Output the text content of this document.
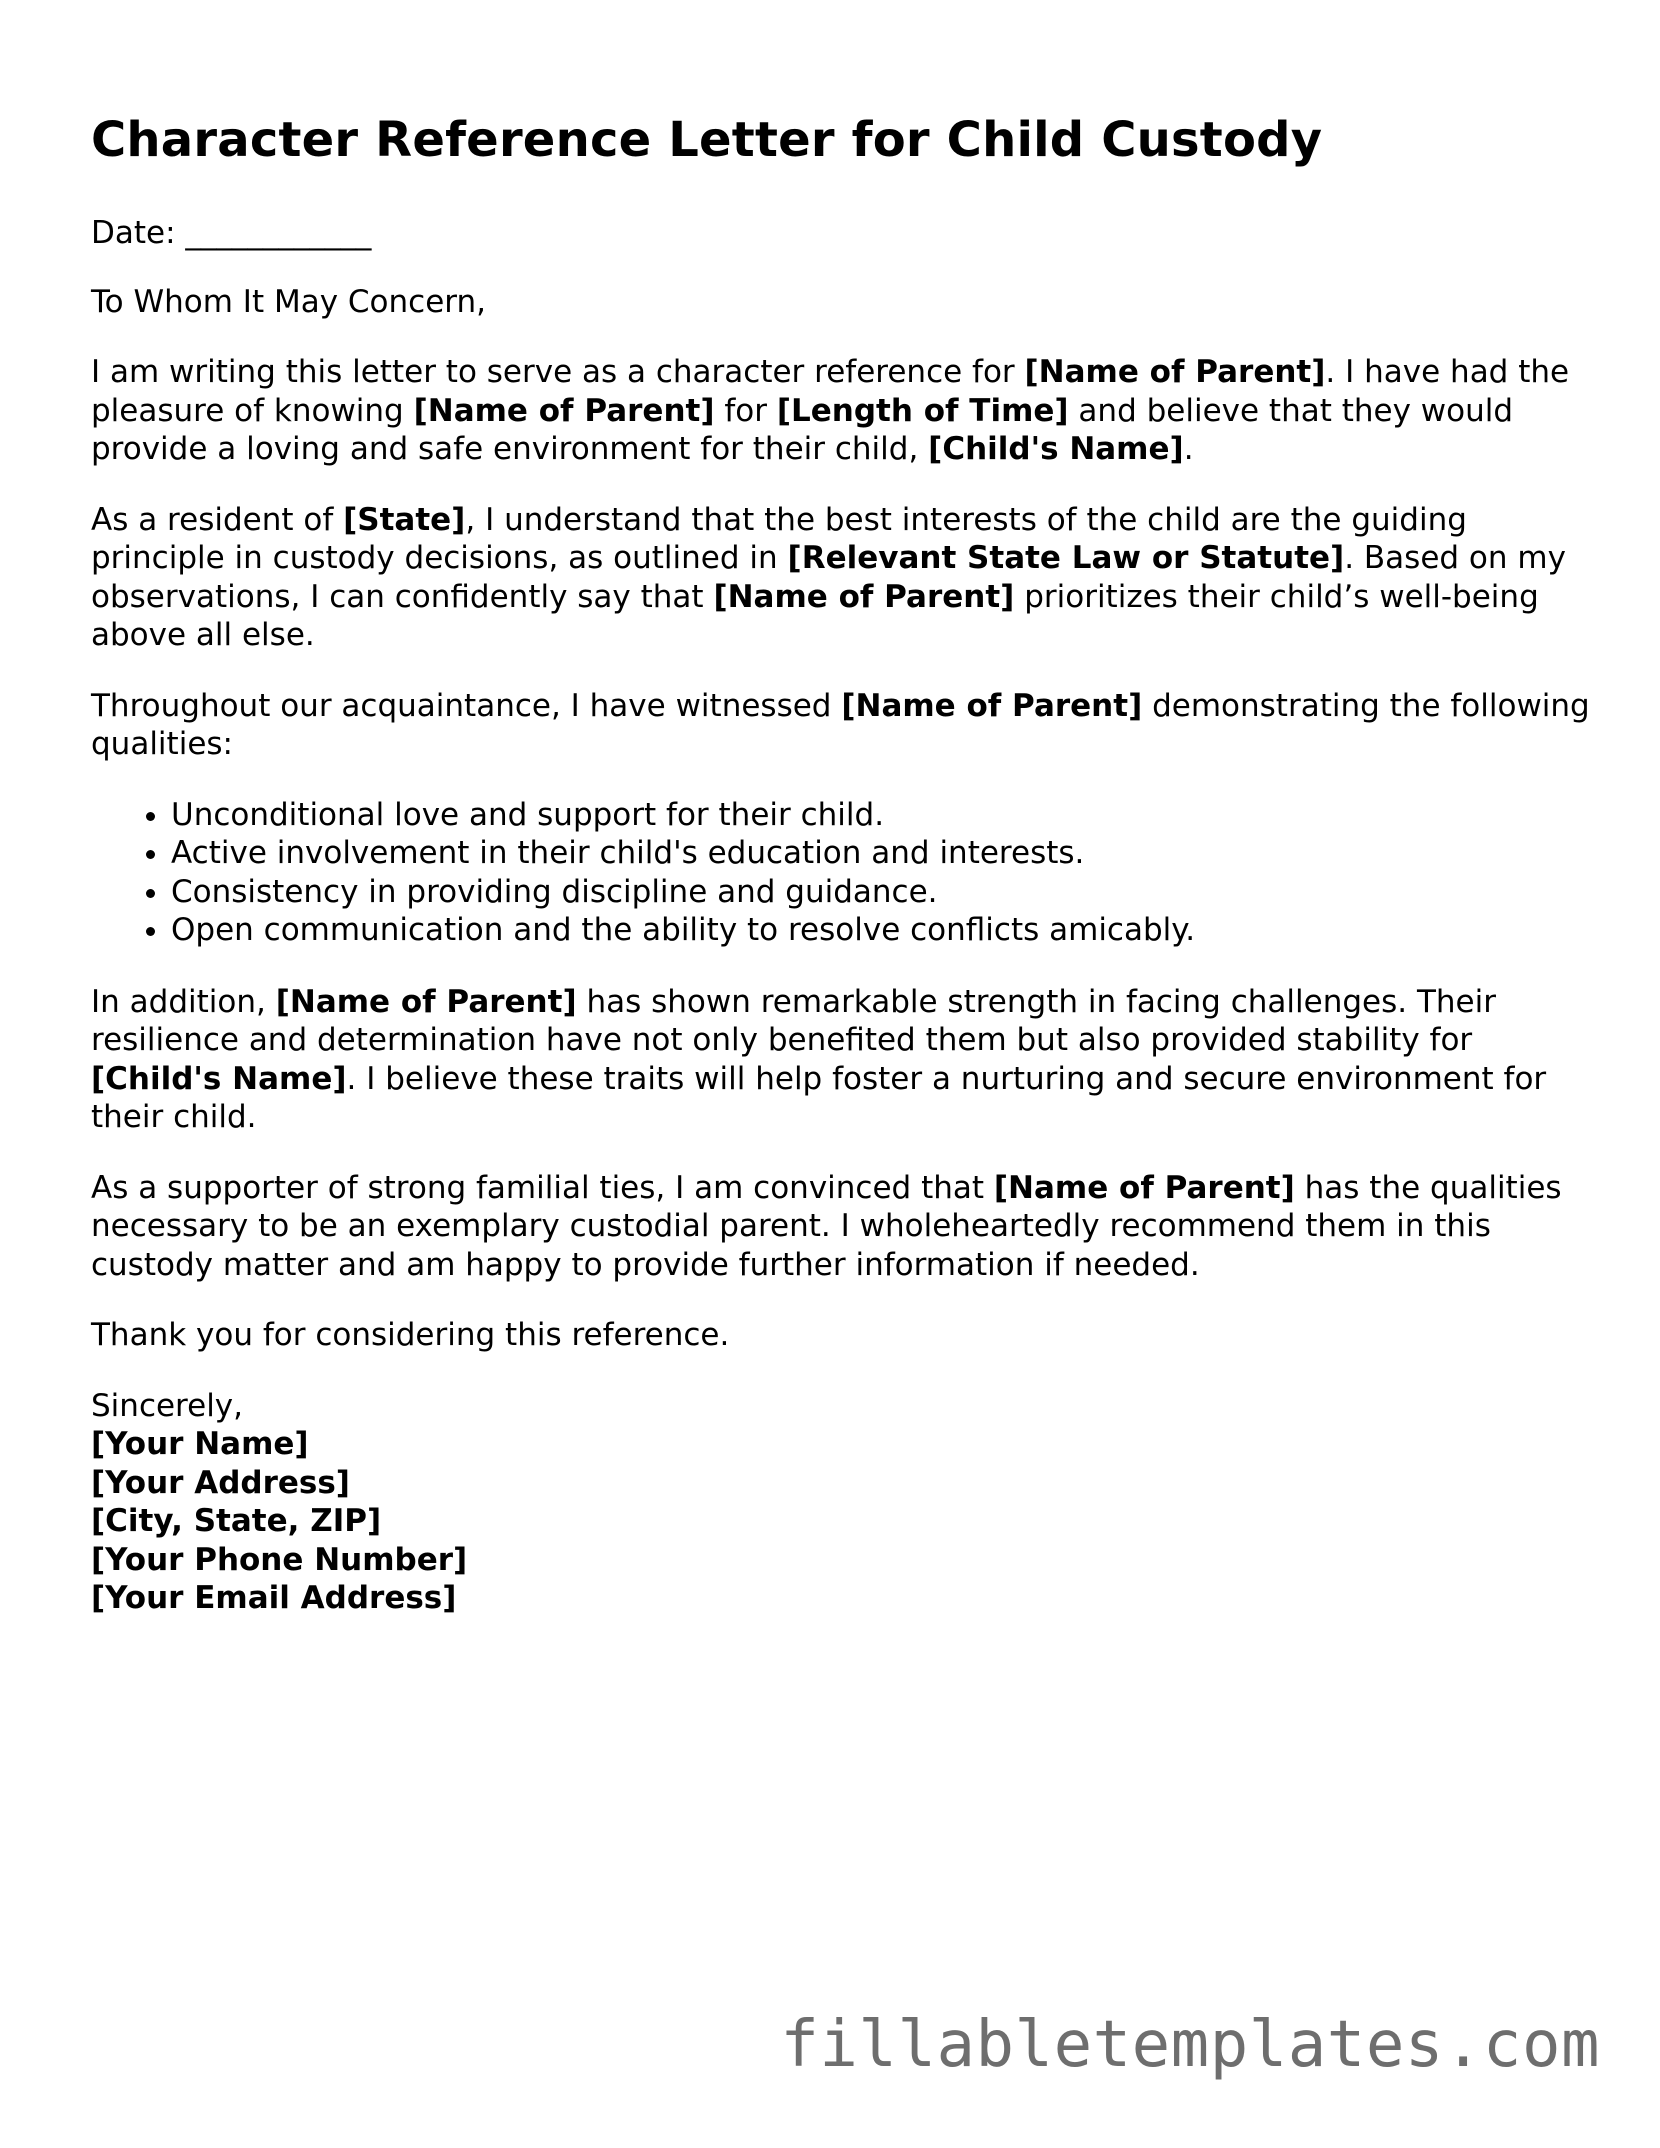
Character Reference Letter for Child Custody

Date: ____________

To Whom It May Concern,

I am writing this letter to serve as a character reference for [Name of Parent]. I have had the pleasure of knowing [Name of Parent] for [Length of Time] and believe that they would provide a loving and safe environment for their child, [Child's Name].

As a resident of [State], I understand that the best interests of the child are the guiding principle in custody decisions, as outlined in [Relevant State Law or Statute]. Based on my observations, I can confidently say that [Name of Parent] prioritizes their child’s well-being above all else.

Throughout our acquaintance, I have witnessed [Name of Parent] demonstrating the following qualities:

• Unconditional love and support for their child.
• Active involvement in their child's education and interests.
• Consistency in providing discipline and guidance.
• Open communication and the ability to resolve conflicts amicably.

In addition, [Name of Parent] has shown remarkable strength in facing challenges. Their resilience and determination have not only benefited them but also provided stability for [Child's Name]. I believe these traits will help foster a nurturing and secure environment for their child.

As a supporter of strong familial ties, I am convinced that [Name of Parent] has the qualities necessary to be an exemplary custodial parent. I wholeheartedly recommend them in this custody matter and am happy to provide further information if needed.

Thank you for considering this reference.

Sincerely,
[Your Name]
[Your Address]
[City, State, ZIP]
[Your Phone Number]
[Your Email Address]
fillabletemplates.com
